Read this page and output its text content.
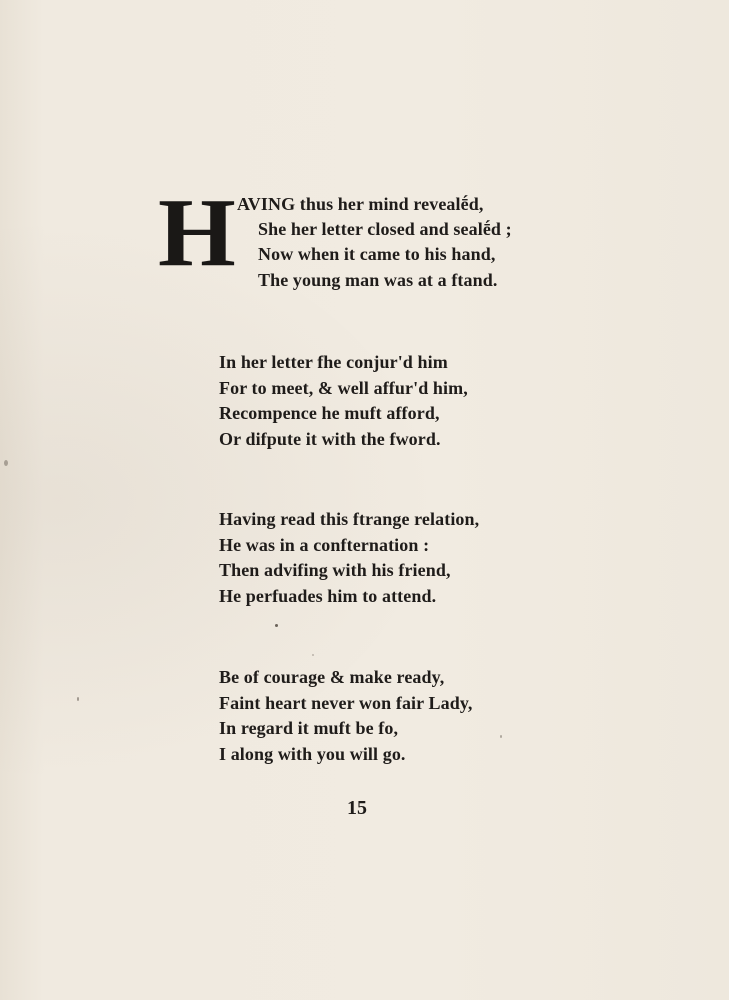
H AVING thus her mind revealḗd,
She her letter closed and sealḗd ;
Now when it came to his hand,
The young man was at a ftand.
In her letter fhe conjur'd him
For to meet, & well affur'd him,
Recompence he muft afford,
Or difpute it with the fword.
Having read this ftrange relation,
He was in a confternation :
Then advifing with his friend,
He perfuades him to attend.
Be of courage & make ready,
Faint heart never won fair Lady,
In regard it muft be fo,
I along with you will go.
15
